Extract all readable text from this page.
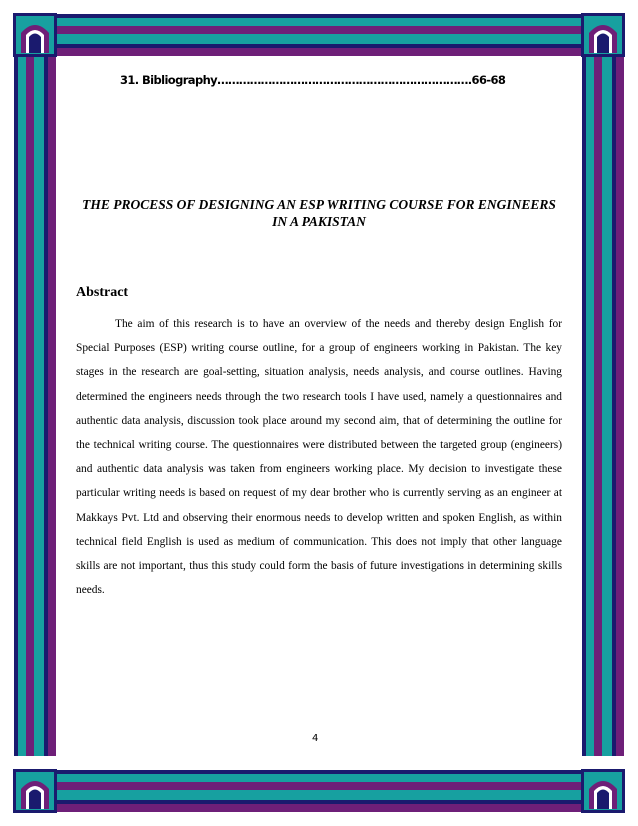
31. Bibliography…………………………………………………………….66-68
THE PROCESS OF DESIGNING AN ESP WRITING COURSE FOR ENGINEERS IN A PAKISTAN
Abstract

The aim of this research is to have an overview of the needs and thereby design English for Special Purposes (ESP) writing course outline, for a group of engineers working in Pakistan. The key stages in the research are goal-setting, situation analysis, needs analysis, and course outlines. Having determined the engineers needs through the two research tools I have used, namely a questionnaires and authentic data analysis, discussion took place around my second aim, that of determining the outline for the technical writing course. The questionnaires were distributed between the targeted group (engineers) and authentic data analysis was taken from engineers working place. My decision to investigate these particular writing needs is based on request of my dear brother who is currently serving as an engineer at Makkays Pvt. Ltd and observing their enormous needs to develop written and spoken English, as within technical field English is used as medium of communication. This does not imply that other language skills are not important, thus this study could form the basis of future investigations in determining skills needs.

4
